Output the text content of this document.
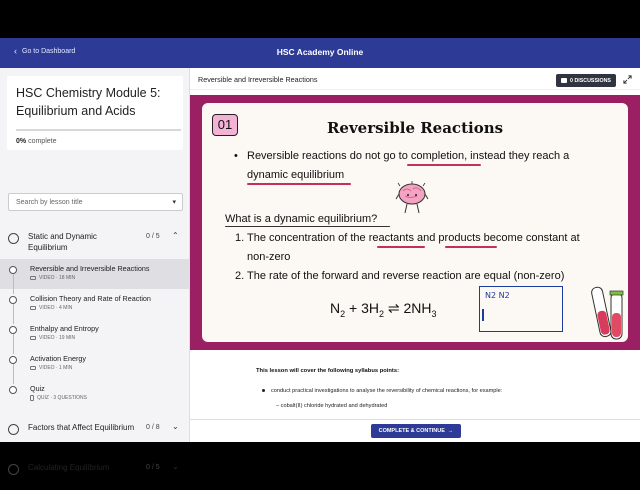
‹ Go to Dashboard	HSC Academy Online
HSC Chemistry Module 5: Equilibrium and Acids
0% complete
Search by lesson title	▾
Static and Dynamic Equilibrium
0 / 5 ⌃
Reversible and Irreversible Reactions
VIDEO · 18 MIN
Collision Theory and Rate of Reaction
VIDEO · 4 MIN
Enthalpy and Entropy
VIDEO · 19 MIN
Activation Energy
VIDEO · 1 MIN
Quiz
QUIZ · 3 QUESTIONS
Factors that Affect Equilibrium	0 / 8 ⌄
Calculating Equilibrium	0 / 5 ⌄
Reversible and Irreversible Reactions	0 DISCUSSIONS
01	Reversible Reactions
• Reversible reactions do not go to completion, instead they reach a
dynamic equilibrium
What is a dynamic equilibrium?
1. The concentration of the reactants and products become constant at
non-zero
2. The rate of the forward and reverse reaction are equal (non-zero)
$N_2 + 3H_2$ ⇌ $2NH_3$
N2 N2
This lesson will cover the following syllabus points:
conduct practical investigations to analyse the reversibility of chemical reactions, for example:
– cobalt(II) chloride hydrated and dehydrated
COMPLETE & CONTINUE →
